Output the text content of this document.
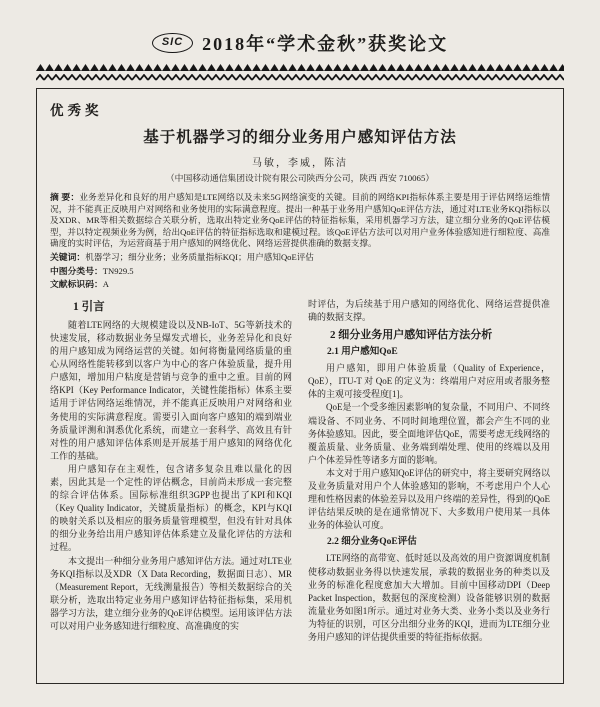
SIC	2018年“学术金秋”获奖论文
优秀奖
基于机器学习的细分业务用户感知评估方法
马敏，李威，陈洁
（中国移动通信集团设计院有限公司陕西分公司，陕西 西安 710065）

摘 要：业务差异化和良好的用户感知是LTE网络以及未来5G网络演变的关键。目前的网络KPI指标体系主要是用于评估网络运维情况，并不能真正反映用户对网络和业务使用的实际满意程度。提出一种基于业务用户感知QoE评估方法，通过对LTE业务KQI指标以及XDR、MR等相关数据综合关联分析，选取出特定业务QoE评估的特征指标集，采用机器学习方法，建立细分业务的QoE评估模型，并以特定视频业务为例，给出QoE评估的特征指标选取和建模过程。该QoE评估方法可以对用户业务体验感知进行细粒度、高准确度的实时评估，为运营商基于用户感知的网络优化、网络运营提供准确的数据支撑。

关键词：机器学习；细分业务；业务质量指标KQI；用户感知QoE评估

中图分类号：TN929.5

文献标识码：A

1 引言

随着LTE网络的大规模建设以及NB-IoT、5G等新技术的快速发展，移动数据业务呈爆发式增长，业务差异化和良好的用户感知成为网络运营的关键。如何将衡量网络质量的重心从网络性能转移到以客户为中心的客户体验质量，提升用户感知，增加用户粘度是营销与竞争的重中之重。目前的网络KPI（Key Performance Indicator，关键性能指标）体系主要适用于评估网络运维情况，并不能真正反映用户对网络和业务使用的实际满意程度。需要引入面向客户感知的端到端业务质量评测和洞悉优化系统，而建立一套科学、高效且有针对性的用户感知评估体系则是开展基于用户感知的网络优化工作的基础。

用户感知存在主观性，包含诸多复杂且难以量化的因素，因此其是一个定性的评估概念，目前尚未形成一套完整的综合评估体系。国际标准组织3GPP也提出了KPI和KQI（Key Quality Indicator，关键质量指标）的概念，KPI与KQI的映射关系以及相应的服务质量管理模型，但没有针对具体的细分业务给出用户感知评估体系建立及量化评估的方法和过程。

本文提出一种细分业务用户感知评估方法。通过对LTE业务KQI指标以及XDR（X Data Recording，数据面日志）、MR（Measurement Report，无线测量报告）等相关数据综合的关联分析，选取出特定业务用户感知评估特征指标集，采用机器学习方法，建立细分业务的QoE评估模型。运用该评估方法可以对用户业务感知进行细粒度、高准确度的实

时评估，为后续基于用户感知的网络优化、网络运营提供准确的数据支撑。

2 细分业务用户感知评估方法分析

2.1 用户感知QoE

用户感知，即用户体验质量（Quality of Experience，QoE），ITU-T 对 QoE 的定义为：终端用户对应用或者服务整体的主观可接受程度[1]。

QoE是一个受多维因素影响的复杂量，不同用户、不同终端设备、不同业务、不同时间地理位置，都会产生不同的业务体验感知。因此，要全面地评估QoE，需要考虑无线网络的覆盖质量、业务质量、业务端到端处理、使用的终端以及用户个体差异性等诸多方面的影响。

本文对于用户感知QoE评估的研究中，将主要研究网络以及业务质量对用户个人体验感知的影响，不考虑用户个人心理和性格因素的体验差异以及用户终端的差异性，得到的QoE评估结果反映的是在通常情况下、大多数用户使用某一具体业务的体验认可度。

2.2 细分业务QoE评估

LTE网络的高带宽、低时延以及高效的用户资源调度机制使移动数据业务得以快速发展，承载的数据业务的种类以及业务的标准化程度愈加大大增加。目前中国移动DPI（Deep Packet Inspection，数据包的深度检测）设备能够识别的数据流量业务如图1所示。通过对业务大类、业务小类以及业务行为特征的识别，可区分出细分业务的KQI，进而为LTE细分业务用户感知的评估提供重要的特征指标依据。
